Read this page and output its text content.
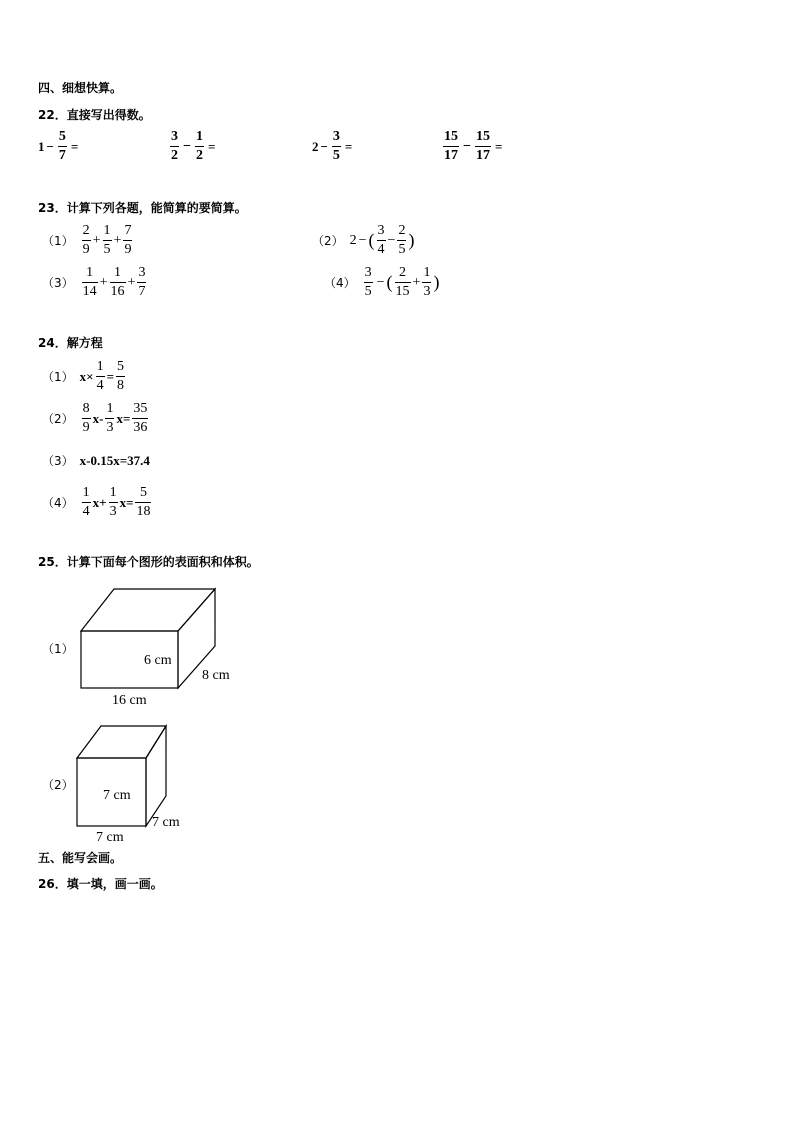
四、细想快算。
22．直接写出得数。
$1 - \frac{5}{7}$ =	$\frac{3}{2} - \frac{1}{2}$ =	$2 - \frac{3}{5}$ =	$\frac{15}{17} - \frac{15}{17}$ =
23．计算下列各题，能简算的要简算。
$(1) \frac{2}{9} + \frac{1}{5} + \frac{7}{9}$	（2） 2 − ( $\frac{3}{4} - \frac{2}{5}$ )
$(3) \frac{1}{14} + \frac{1}{16} + \frac{3}{7}$	$(4) \frac{3}{5}$ − ( $\frac{2}{15} + \frac{1}{3}$ )
24．解方程
（1） $x\times \frac{1}{4} = \frac{5}{8}$
$(2) \frac{8}{9} x- \frac{1}{3} x= \frac{35}{36}$
（3） x-0.15x=37.4
$(4) \frac{1}{4} x+ \frac{1}{3} x= \frac{5}{18}$
25．计算下面每个图形的表面积和体积。
（1）
6 cm
8 cm
16 cm
（2）
7 cm
7 cm
7 cm
五、能写会画。
26．填一填，画一画。
